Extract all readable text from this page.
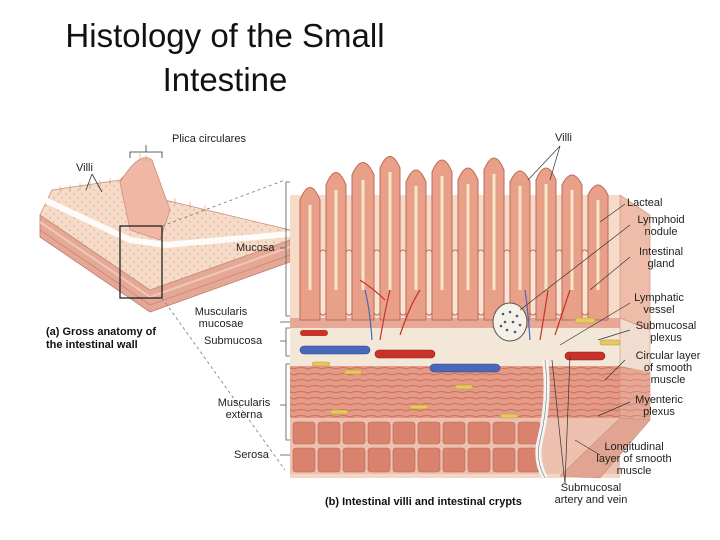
Histology of the Small
Intestine
Plica circulares
Villi
(a) Gross anatomy of
the intestinal wall
Mucosa
Muscularis
mucosae
Submucosa
Muscularis
externa
Serosa
Villi
Lacteal
Lymphoid
nodule
Intestinal
gland
Lymphatic
vessel
Submucosal
plexus
Circular layer
of smooth
muscle
Myenteric
plexus
Longitudinal
layer of smooth
muscle
Submucosal
artery and vein
(b) Intestinal villi and intestinal crypts
